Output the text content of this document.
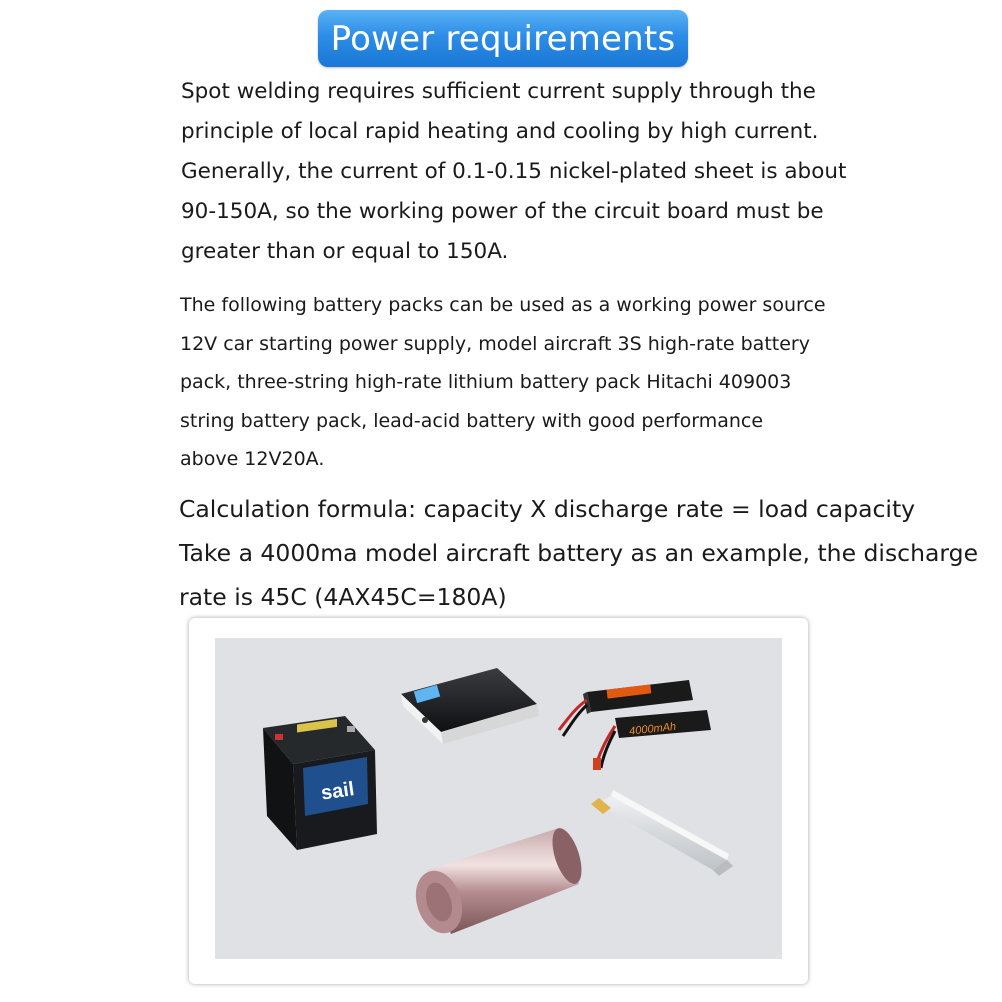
Power requirements
Spot welding requires sufficient current supply through the
principle of local rapid heating and cooling by high current.
Generally, the current of 0.1-0.15 nickel-plated sheet is about
90-150A, so the working power of the circuit board must be
greater than or equal to 150A.
The following battery packs can be used as a working power source
12V car starting power supply, model aircraft 3S high-rate battery
pack, three-string high-rate lithium battery pack Hitachi 409003
string battery pack, lead-acid battery with good performance
above 12V20A.
Calculation formula: capacity X discharge rate = load capacity
Take a 4000ma model aircraft battery as an example, the discharge
rate is 45C (4AX45C=180A)
sail
4000mAh
